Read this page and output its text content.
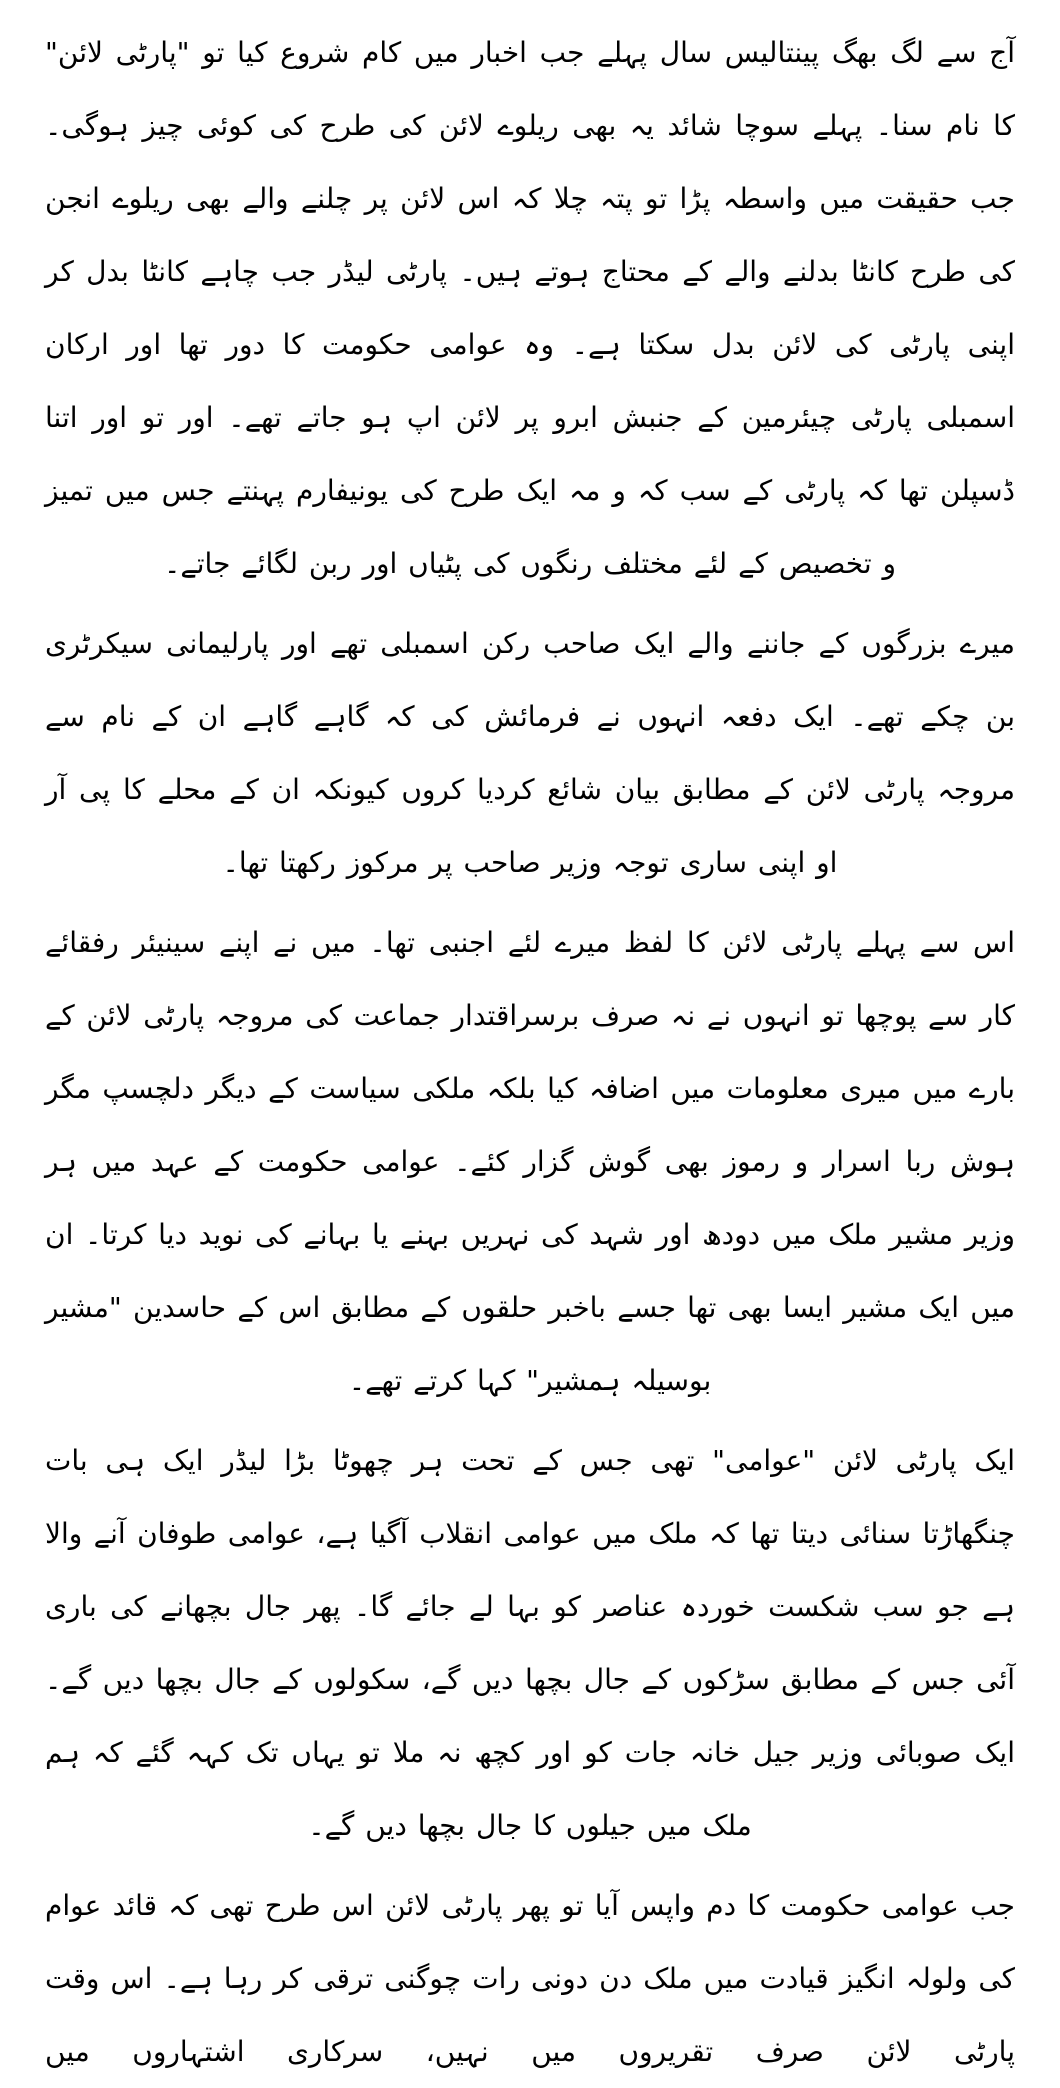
آج سے لگ بھگ پینتالیس سال پہلے جب اخبار میں کام شروع کیا تو "پارٹی لائن" کا نام سنا۔ پہلے سوچا شائد یہ بھی ریلوے لائن کی طرح کی کوئی چیز ہوگی۔ جب حقیقت میں واسطہ پڑا تو پتہ چلا کہ اس لائن پر چلنے والے بھی ریلوے انجن کی طرح کانٹا بدلنے والے کے محتاج ہوتے ہیں۔ پارٹی لیڈر جب چاہے کانٹا بدل کر اپنی پارٹی کی لائن بدل سکتا ہے۔ وہ عوامی حکومت کا دور تھا اور ارکان اسمبلی پارٹی چیئرمین کے جنبش ابرو پر لائن اپ ہو جاتے تھے۔ اور تو اور اتنا ڈسپلن تھا کہ پارٹی کے سب کہ و مہ ایک طرح کی یونیفارم پہنتے جس میں تمیز و تخصیص کے لئے مختلف رنگوں کی پٹیاں اور ربن لگائے جاتے۔

میرے بزرگوں کے جاننے والے ایک صاحب رکن اسمبلی تھے اور پارلیمانی سیکرٹری بن چکے تھے۔ ایک دفعہ انہوں نے فرمائش کی کہ گاہے گاہے ان کے نام سے مروجہ پارٹی لائن کے مطابق بیان شائع کردیا کروں کیونکہ ان کے محلے کا پی آر او اپنی ساری توجہ وزیر صاحب پر مرکوز رکھتا تھا۔

اس سے پہلے پارٹی لائن کا لفظ میرے لئے اجنبی تھا۔ میں نے اپنے سینیئر رفقائے کار سے پوچھا تو انہوں نے نہ صرف برسراقتدار جماعت کی مروجہ پارٹی لائن کے بارے میں میری معلومات میں اضافہ کیا بلکہ ملکی سیاست کے دیگر دلچسپ مگر ہوش ربا اسرار و رموز بھی گوش گزار کئے۔ عوامی حکومت کے عہد میں ہر وزیر مشیر ملک میں دودھ اور شہد کی نہریں بہنے یا بہانے کی نوید دیا کرتا۔ ان میں ایک مشیر ایسا بھی تھا جسے باخبر حلقوں کے مطابق اس کے حاسدین "مشیر بوسیلہ ہمشیر" کہا کرتے تھے۔

ایک پارٹی لائن "عوامی" تھی جس کے تحت ہر چھوٹا بڑا لیڈر ایک ہی بات چنگھاڑتا سنائی دیتا تھا کہ ملک میں عوامی انقلاب آگیا ہے، عوامی طوفان آنے والا ہے جو سب شکست خوردہ عناصر کو بہا لے جائے گا۔ پھر جال بچھانے کی باری آئی جس کے مطابق سڑکوں کے جال بچھا دیں گے، سکولوں کے جال بچھا دیں گے۔ ایک صوبائی وزیر جیل خانہ جات کو اور کچھ نہ ملا تو یہاں تک کہہ گئے کہ ہم ملک میں جیلوں کا جال بچھا دیں گے۔

جب عوامی حکومت کا دم واپس آیا تو پھر پارٹی لائن اس طرح تھی کہ قائد عوام کی ولولہ انگیز قیادت میں ملک دن دونی رات چوگنی ترقی کر رہا ہے۔ اس وقت پارٹی لائن صرف تقریروں میں نہیں، سرکاری اشتہاروں میں
